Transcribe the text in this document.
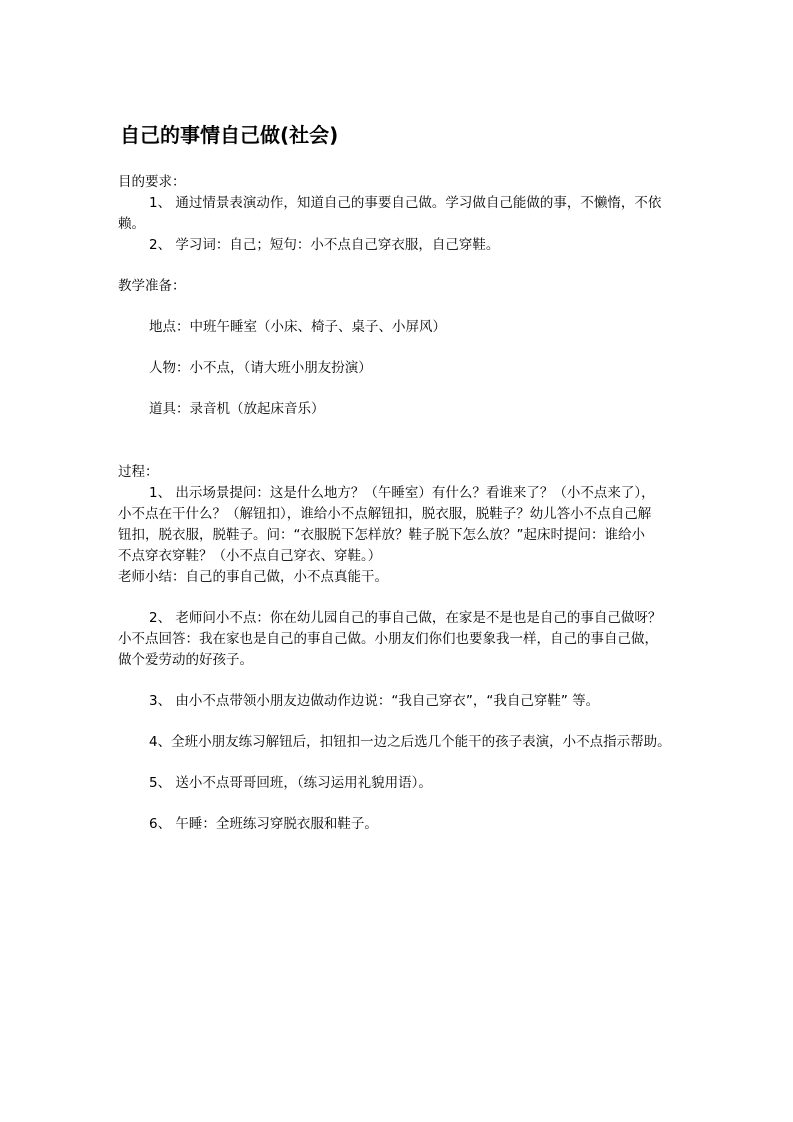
自己的事情自己做(社会)
目的要求：
1、 通过情景表演动作，知道自己的事要自己做。学习做自己能做的事，不懒惰，不依
赖。
2、 学习词：自己；短句：小不点自己穿衣服，自己穿鞋。
教学准备：
地点：中班午睡室（小床、椅子、桌子、小屏风）
人物：小不点，（请大班小朋友扮演）
道具：录音机（放起床音乐）
过程：
1、 出示场景提问：这是什么地方？（午睡室）有什么？看谁来了？（小不点来了），
小不点在干什么？（解钮扣），谁给小不点解钮扣，脱衣服，脱鞋子？幼儿答小不点自己解
钮扣，脱衣服，脱鞋子。问：“衣服脱下怎样放？鞋子脱下怎么放？”起床时提问：谁给小
不点穿衣穿鞋？（小不点自己穿衣、穿鞋。）
老师小结：自己的事自己做，小不点真能干。
2、 老师问小不点：你在幼儿园自己的事自己做，在家是不是也是自己的事自己做呀？
小不点回答：我在家也是自己的事自己做。小朋友们你们也要象我一样，自己的事自己做，
做个爱劳动的好孩子。
3、 由小不点带领小朋友边做动作边说：“我自己穿衣”，“我自己穿鞋” 等。
4、全班小朋友练习解钮后，扣钮扣一边之后选几个能干的孩子表演，小不点指示帮助。
5、 送小不点哥哥回班，（练习运用礼貌用语）。
6、 午睡：全班练习穿脱衣服和鞋子。
